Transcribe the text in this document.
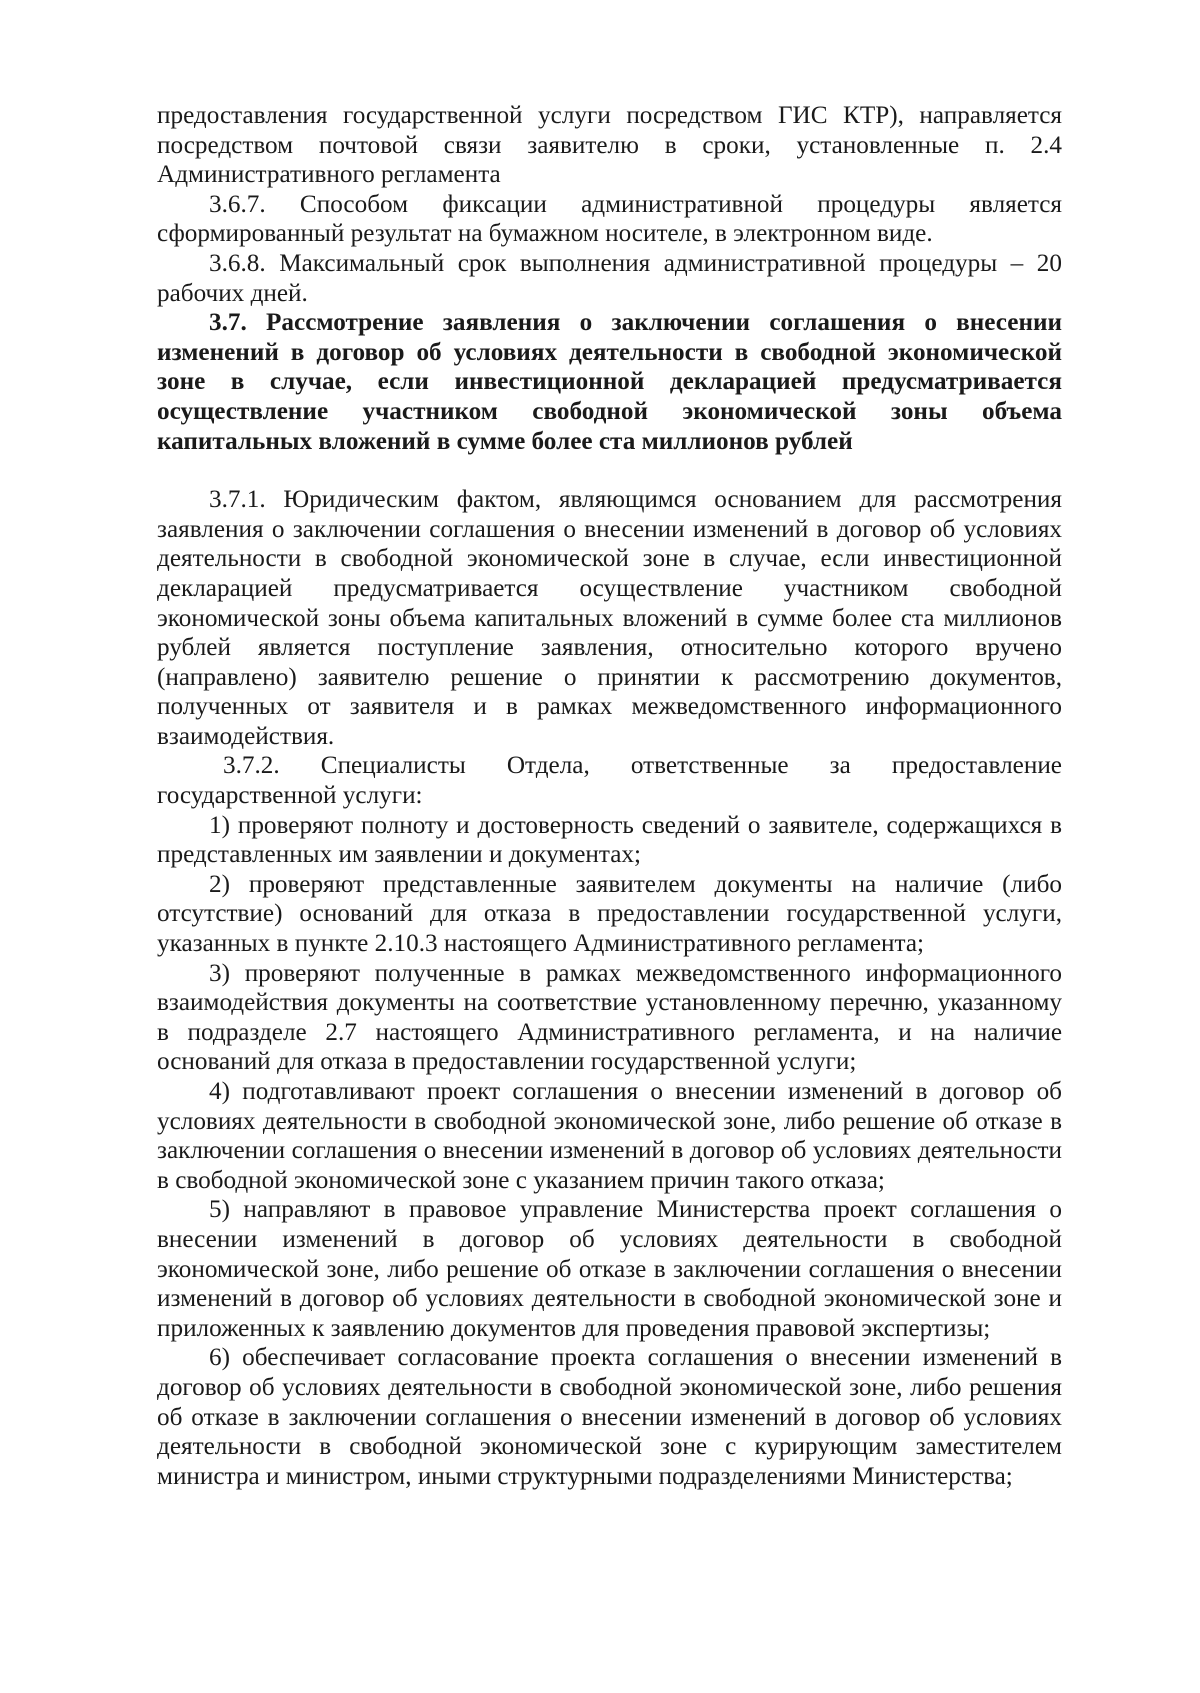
предоставления государственной услуги посредством ГИС КТР), направляется посредством почтовой связи заявителю в сроки, установленные п. 2.4 Административного регламента

3.6.7. Способом фиксации административной процедуры является сформированный результат на бумажном носителе, в электронном виде.

3.6.8. Максимальный срок выполнения административной процедуры – 20 рабочих дней.

3.7. Рассмотрение заявления о заключении соглашения о внесении изменений в договор об условиях деятельности в свободной экономической зоне в случае, если инвестиционной декларацией предусматривается осуществление участником свободной экономической зоны объема капитальных вложений в сумме более ста миллионов рублей

3.7.1. Юридическим фактом, являющимся основанием для рассмотрения заявления о заключении соглашения о внесении изменений в договор об условиях деятельности в свободной экономической зоне в случае, если инвестиционной декларацией предусматривается осуществление участником свободной экономической зоны объема капитальных вложений в сумме более ста миллионов рублей является поступление заявления, относительно которого вручено (направлено) заявителю решение о принятии к рассмотрению документов, полученных от заявителя и в рамках межведомственного информационного взаимодействия.

3.7.2. Специалисты Отдела, ответственные за предоставление государственной услуги:

1) проверяют полноту и достоверность сведений о заявителе, содержащихся в представленных им заявлении и документах;

2) проверяют представленные заявителем документы на наличие (либо отсутствие) оснований для отказа в предоставлении государственной услуги, указанных в пункте 2.10.3 настоящего Административного регламента;

3) проверяют полученные в рамках межведомственного информационного взаимодействия документы на соответствие установленному перечню, указанному в подразделе 2.7 настоящего Административного регламента, и на наличие оснований для отказа в предоставлении государственной услуги;

4) подготавливают проект соглашения о внесении изменений в договор об условиях деятельности в свободной экономической зоне, либо решение об отказе в заключении соглашения о внесении изменений в договор об условиях деятельности в свободной экономической зоне с указанием причин такого отказа;

5) направляют в правовое управление Министерства проект соглашения о внесении изменений в договор об условиях деятельности в свободной экономической зоне, либо решение об отказе в заключении соглашения о внесении изменений в договор об условиях деятельности в свободной экономической зоне и приложенных к заявлению документов для проведения правовой экспертизы;

6) обеспечивает согласование проекта соглашения о внесении изменений в договор об условиях деятельности в свободной экономической зоне, либо решения об отказе в заключении соглашения о внесении изменений в договор об условиях деятельности в свободной экономической зоне с курирующим заместителем министра и министром, иными структурными подразделениями Министерства;
